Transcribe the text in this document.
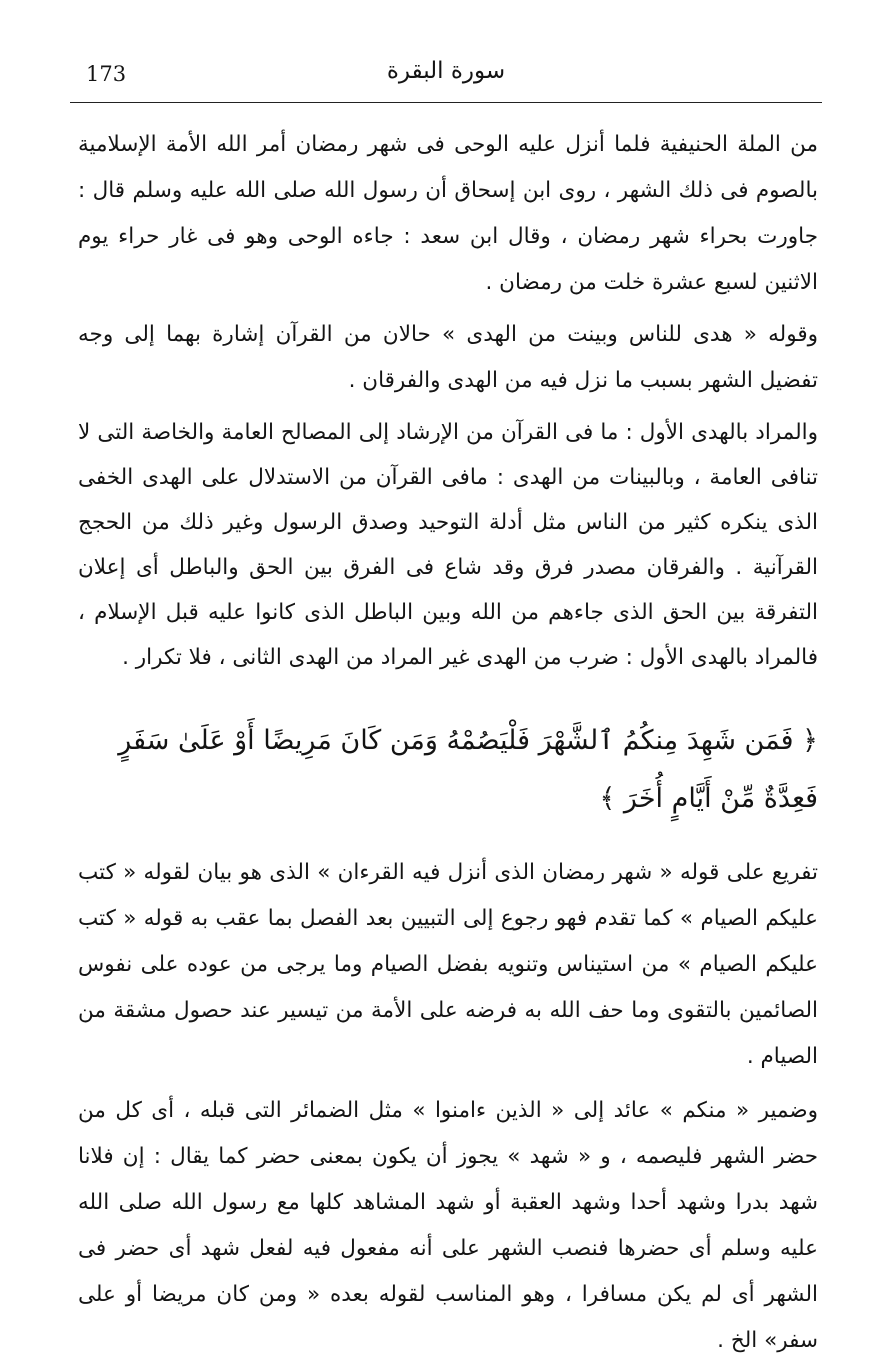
173	سورة البقرة

من الملة الحنيفية فلما أنزل عليه الوحى فى شهر رمضان أمر الله الأمة الإسلامية بالصوم فى ذلك الشهر ، روى ابن إسحاق أن رسول الله صلى الله عليه وسلم قال : جاورت بحراء شهر رمضان ، وقال ابن سعد : جاءه الوحى وهو فى غار حراء يوم الاثنين لسبع عشرة خلت من رمضان .

وقوله « هدى للناس وبينت من الهدى » حالان من القرآن إشارة بهما إلى وجه تفضيل الشهر بسبب ما نزل فيه من الهدى والفرقان .

والمراد بالهدى الأول : ما فى القرآن من الإرشاد إلى المصالح العامة والخاصة التى لا تنافى العامة ، وبالبينات من الهدى : مافى القرآن من الاستدلال على الهدى الخفى الذى ينكره كثير من الناس مثل أدلة التوحيد وصدق الرسول وغير ذلك من الحجج القرآنية . والفرقان مصدر فرق وقد شاع فى الفرق بين الحق والباطل أى إعلان التفرقة بين الحق الذى جاءهم من الله وبين الباطل الذى كانوا عليه قبل الإسلام ، فالمراد بالهدى الأول : ضرب من الهدى غير المراد من الهدى الثانى ، فلا تكرار .

﴿ فَمَن شَهِدَ مِنكُمُ ٱلشَّهْرَ فَلْيَصُمْهُ وَمَن كَانَ مَرِيضًا أَوْ عَلَىٰ سَفَرٍ فَعِدَّةٌ مِّنْ أَيَّامٍ أُخَرَ ﴾

تفريع على قوله « شهر رمضان الذى أنزل فيه القرءان » الذى هو بيان لقوله « كتب عليكم الصيام » كما تقدم فهو رجوع إلى التبيين بعد الفصل بما عقب به قوله « كتب عليكم الصيام » من استيناس وتنويه بفضل الصيام وما يرجى من عوده على نفوس الصائمين بالتقوى وما حف الله به فرضه على الأمة من تيسير عند حصول مشقة من الصيام .

وضمير « منكم » عائد إلى « الذين ءامنوا » مثل الضمائر التى قبله ، أى كل من حضر الشهر فليصمه ، و « شهد » يجوز أن يكون بمعنى حضر كما يقال : إن فلانا شهد بدرا وشهد أحدا وشهد العقبة أو شهد المشاهد كلها مع رسول الله صلى الله عليه وسلم أى حضرها فنصب الشهر على أنه مفعول فيه لفعل شهد أى حضر فى الشهر أى لم يكن مسافرا ، وهو المناسب لقوله بعده « ومن كان مريضا أو على سفر» الخ .
